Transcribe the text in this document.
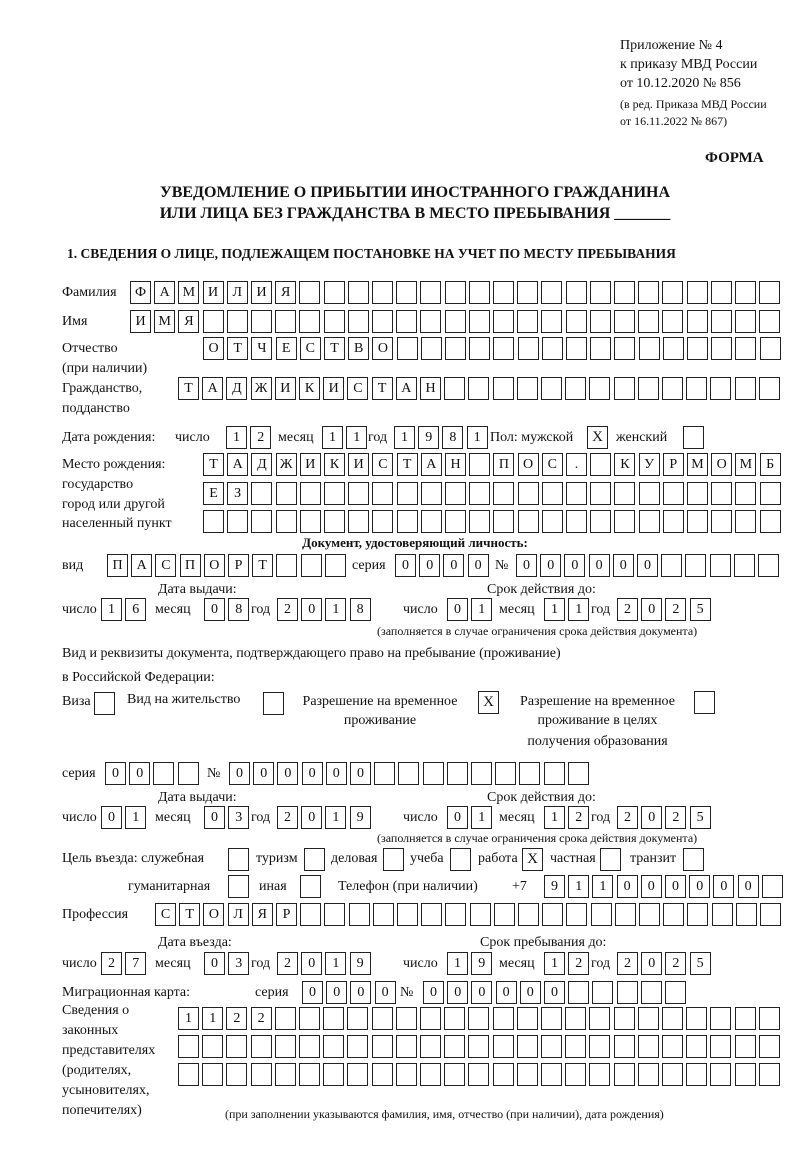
Приложение № 4
к приказу МВД России
от 10.12.2020 № 856
(в ред. Приказа МВД России
от 16.11.2022 № 867)
ФОРМА
УВЕДОМЛЕНИЕ О ПРИБЫТИИ ИНОСТРАННОГО ГРАЖДАНИНА
ИЛИ ЛИЦА БЕЗ ГРАЖДАНСТВА В МЕСТО ПРЕБЫВАНИЯ _______
1. СВЕДЕНИЯ О ЛИЦЕ, ПОДЛЕЖАЩЕМ ПОСТАНОВКЕ НА УЧЕТ ПО МЕСТУ ПРЕБЫВАНИЯ
Фамилия	Ф А М И	Л	И	Я
Имя	И М Я
Отчество
(при наличии)
О	Т	Ч	Е	С	Т	В	О
Гражданство,
подданство
Т	А	Д Ж И	К	И	С	Т	А	Н
Дата рождения: число	1	2 месяц	1	1 год 1	9	8	1 Пол: мужской	X женский
Место рождения:
государство
город или другой
населенный пункт
Т	А	Д Ж И	К	И	С	Т	А	Н	П	О	С	.	К	У	Р	М О М Б
Е	З
Документ, удостоверяющий личность:
вид	П	А	С	П	О	Р	Т	серия	0	0	0	0 №	0	0	0	0	0	0
Дата выдачи:	Срок действия до:
число 1	6	месяц	0	8 год 2	0	1	8	число	0	1 месяц	1	1 год 2	0	2	5
(заполняется в случае ограничения срока действия документа)
Вид и реквизиты документа, подтверждающего право на пребывание (проживание)
в Российской Федерации:
Виза	Вид на жительство	Разрешение на временное
проживание
X	Разрешение на временное
проживание в целях
получения образования
серия	0	0	№	0	0	0	0	0	0
Дата выдачи:	Срок действия до:
число 0	1	месяц	0	3 год 2	0	1	9	число	0	1 месяц	1	2 год 2	0	2	5
(заполняется в случае ограничения срока действия документа)
Цель въезда: служебная	туризм деловая учеба работа X частная транзит
гуманитарная	иная	Телефон (при наличии) +7	9	1	1	0	0	0	0	0	0
Профессия	С	Т	О	Л	Я	Р
Дата въезда:	Срок пребывания до:
число 2	7	месяц	0	3 год 2	0	1	9	число	1	9 месяц	1	2 год 2	0	2	5
Миграционная карта:	серия	0	0	0	0 №	0	0	0	0	0	0
Сведения о
законных
представителях
(родителях,
усыновителях,
попечителях)
1	1	2	2
(при заполнении указываются фамилия, имя, отчество (при наличии), дата рождения)
